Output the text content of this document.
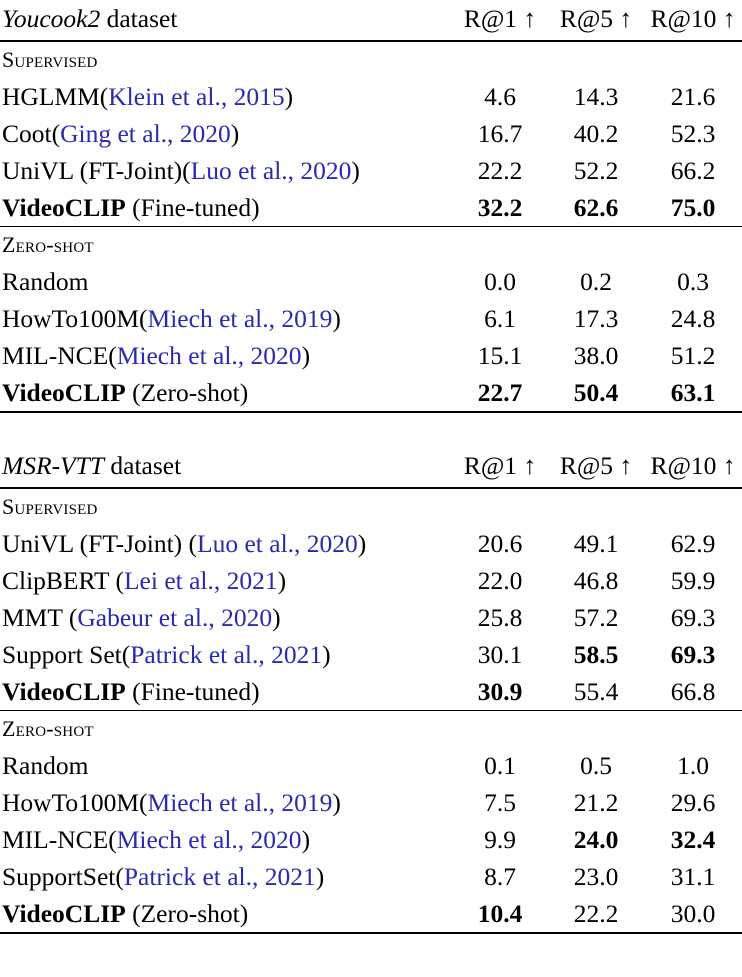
Youcook2 dataset	R@1 ↑	R@5 ↑	R@10 ↑

Supervised			
HGLMM(Klein et al., 2015)	4.6	14.3	21.6
Coot(Ging et al., 2020)	16.7	40.2	52.3
UniVL (FT-Joint)(Luo et al., 2020)	22.2	52.2	66.2
VideoCLIP (Fine-tuned)	32.2	62.6	75.0

Zero-shot			
Random	0.0	0.2	0.3
HowTo100M(Miech et al., 2019)	6.1	17.3	24.8
MIL-NCE(Miech et al., 2020)	15.1	38.0	51.2
VideoCLIP (Zero-shot)	22.7	50.4	63.1

MSR-VTT dataset	R@1 ↑	R@5 ↑	R@10 ↑

Supervised			
UniVL (FT-Joint) (Luo et al., 2020)	20.6	49.1	62.9
ClipBERT (Lei et al., 2021)	22.0	46.8	59.9
MMT (Gabeur et al., 2020)	25.8	57.2	69.3
Support Set(Patrick et al., 2021)	30.1	58.5	69.3
VideoCLIP (Fine-tuned)	30.9	55.4	66.8

Zero-shot			
Random	0.1	0.5	1.0
HowTo100M(Miech et al., 2019)	7.5	21.2	29.6
MIL-NCE(Miech et al., 2020)	9.9	24.0	32.4
SupportSet(Patrick et al., 2021)	8.7	23.0	31.1
VideoCLIP (Zero-shot)	10.4	22.2	30.0
